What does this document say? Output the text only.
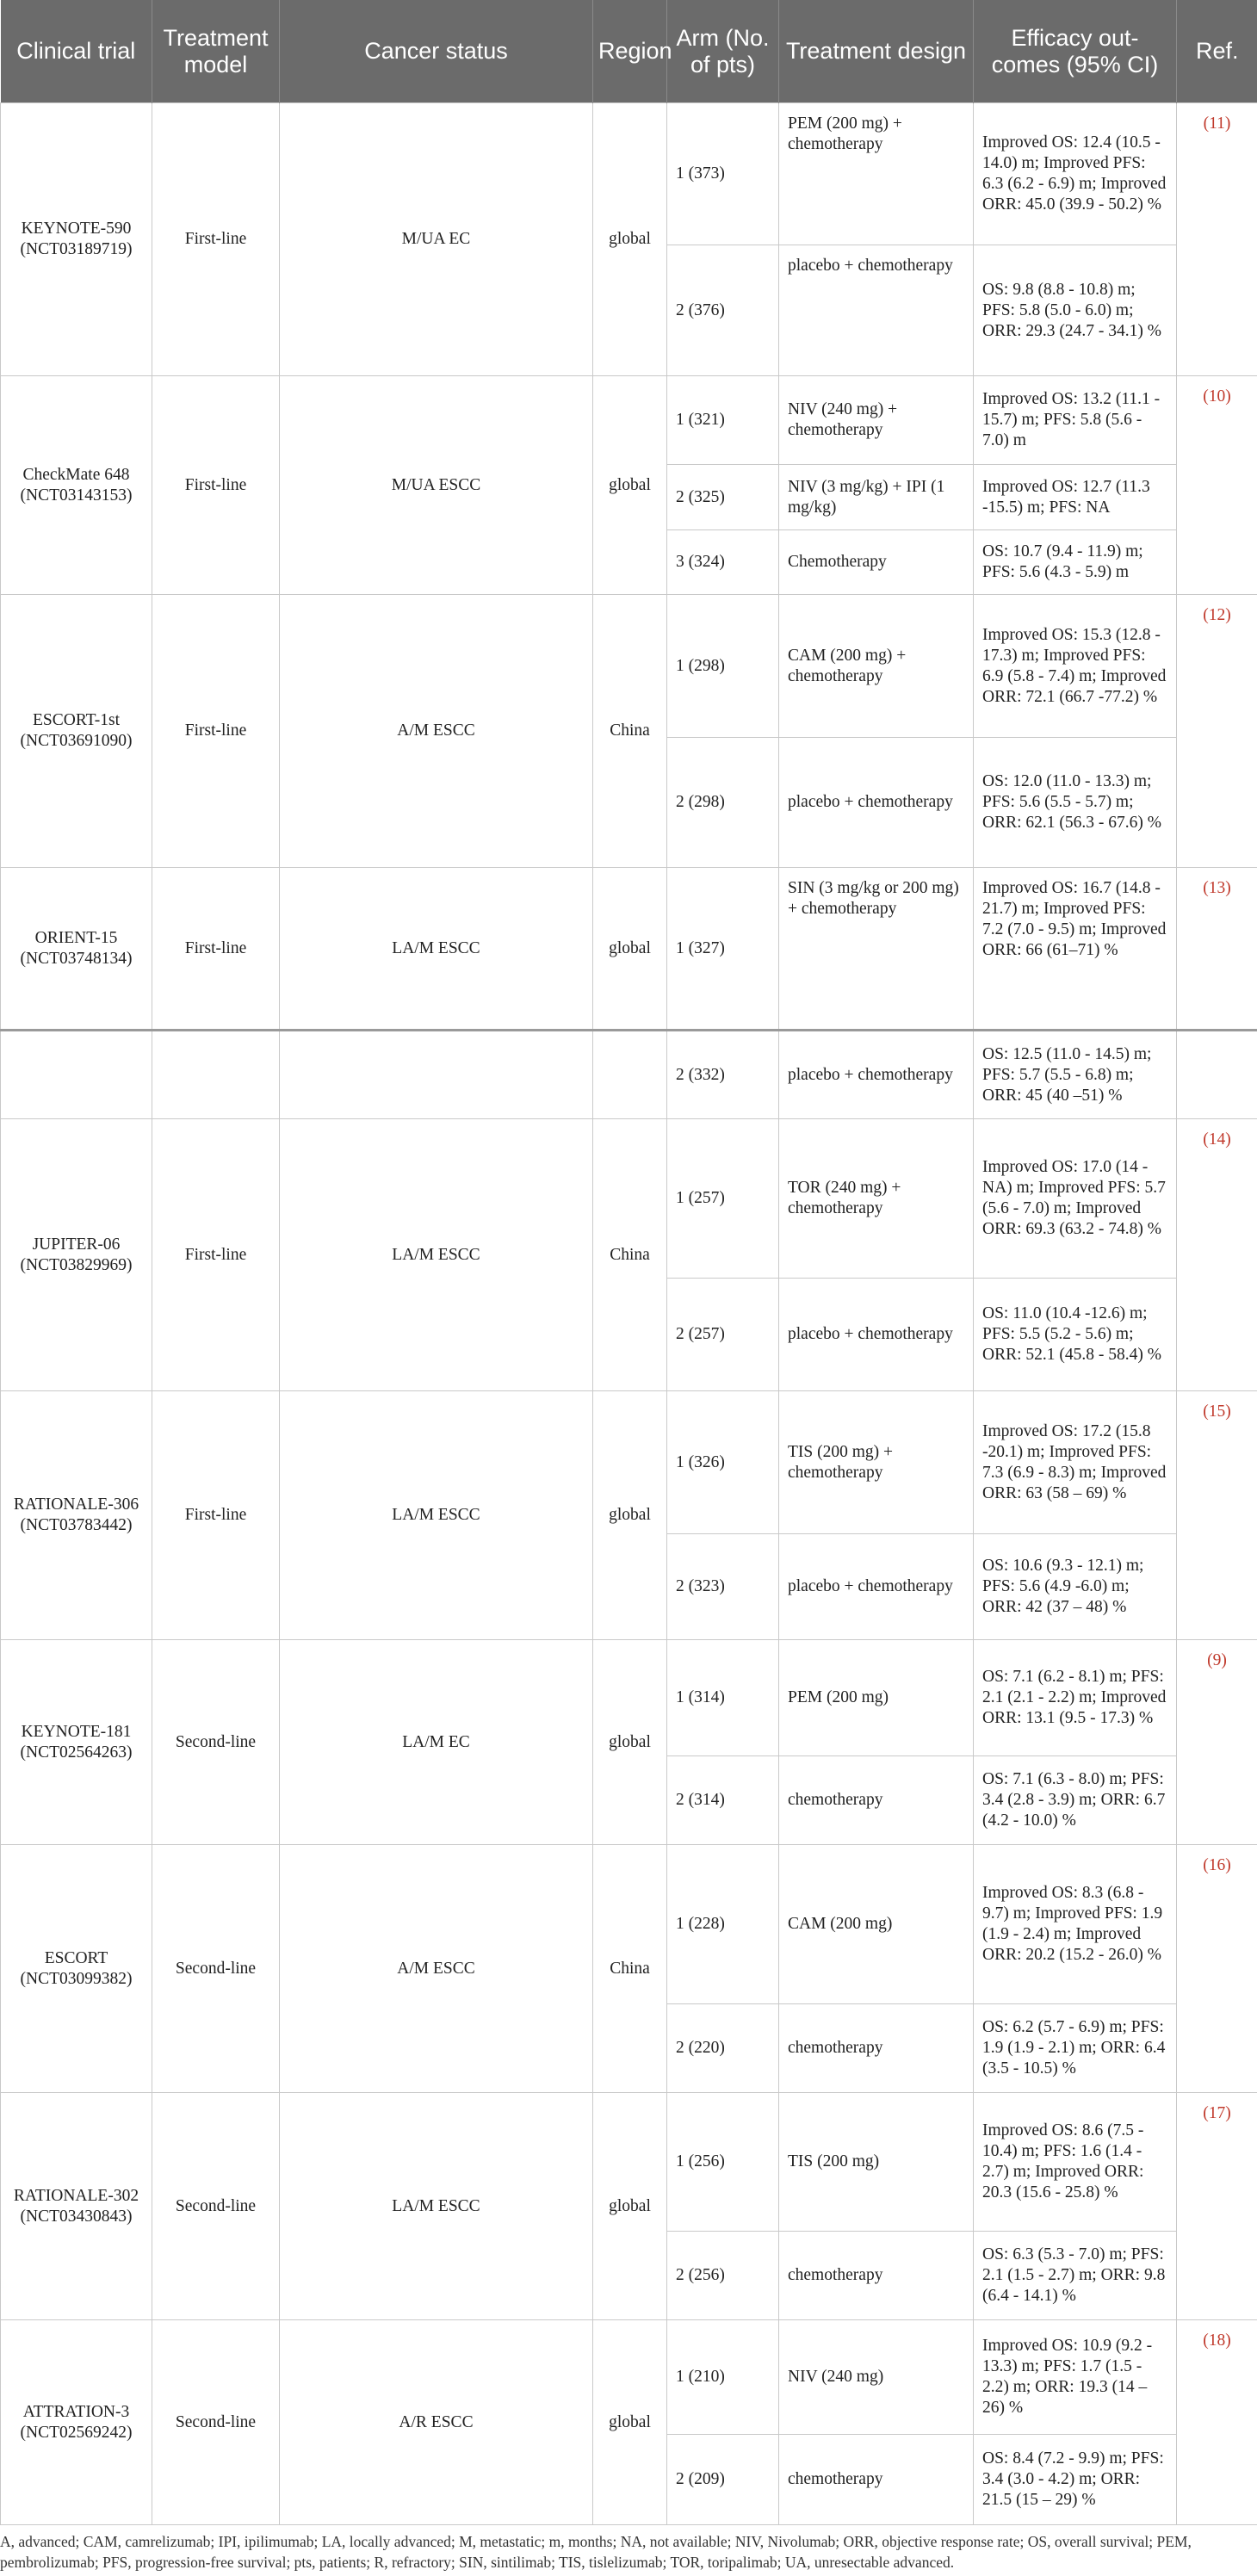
Clinical trial	Treatment model	Cancer status	Region	Arm (No. of pts)	Treatment design	Efficacy out-comes (95% CI)	Ref.
KEYNOTE-590 (NCT03189719)	First-line	M/UA EC	global	1 (373)	PEM (200 mg) + chemotherapy	Improved OS: 12.4 (10.5 - 14.0) m; Improved PFS: 6.3 (6.2 - 6.9) m; Improved ORR: 45.0 (39.9 - 50.2) %	(11)
				2 (376)	placebo + chemotherapy	OS: 9.8 (8.8 - 10.8) m; PFS: 5.8 (5.0 - 6.0) m; ORR: 29.3 (24.7 - 34.1) %	
CheckMate 648 (NCT03143153)	First-line	M/UA ESCC	global	1 (321)	NIV (240 mg) + chemotherapy	Improved OS: 13.2 (11.1 - 15.7) m; PFS: 5.8 (5.6 - 7.0) m	(10)
				2 (325)	NIV (3 mg/kg) + IPI (1 mg/kg)	Improved OS: 12.7 (11.3 -15.5) m; PFS: NA	
				3 (324)	Chemotherapy	OS: 10.7 (9.4 - 11.9) m; PFS: 5.6 (4.3 - 5.9) m	
ESCORT-1st (NCT03691090)	First-line	A/M ESCC	China	1 (298)	CAM (200 mg) + chemotherapy	Improved OS: 15.3 (12.8 - 17.3) m; Improved PFS: 6.9 (5.8 - 7.4) m; Improved ORR: 72.1 (66.7 -77.2) %	(12)
				2 (298)	placebo + chemotherapy	OS: 12.0 (11.0 - 13.3) m; PFS: 5.6 (5.5 - 5.7) m; ORR: 62.1 (56.3 - 67.6) %	
ORIENT-15 (NCT03748134)	First-line	LA/M ESCC	global	1 (327)	SIN (3 mg/kg or 200 mg) + chemotherapy	Improved OS: 16.7 (14.8 - 21.7) m; Improved PFS: 7.2 (7.0 - 9.5) m; Improved ORR: 66 (61–71) %	(13)
				2 (332)	placebo + chemotherapy	OS: 12.5 (11.0 - 14.5) m; PFS: 5.7 (5.5 - 6.8) m; ORR: 45 (40 –51) %	
JUPITER-06 (NCT03829969)	First-line	LA/M ESCC	China	1 (257)	TOR (240 mg) + chemotherapy	Improved OS: 17.0 (14 - NA) m; Improved PFS: 5.7 (5.6 - 7.0) m; Improved ORR: 69.3 (63.2 - 74.8) %	(14)
				2 (257)	placebo + chemotherapy	OS: 11.0 (10.4 -12.6) m; PFS: 5.5 (5.2 - 5.6) m; ORR: 52.1 (45.8 - 58.4) %	
RATIONALE-306 (NCT03783442)	First-line	LA/M ESCC	global	1 (326)	TIS (200 mg) + chemotherapy	Improved OS: 17.2 (15.8 -20.1) m; Improved PFS: 7.3 (6.9 - 8.3) m; Improved ORR: 63 (58 – 69) %	(15)
				2 (323)	placebo + chemotherapy	OS: 10.6 (9.3 - 12.1) m; PFS: 5.6 (4.9 -6.0) m; ORR: 42 (37 – 48) %	
KEYNOTE-181 (NCT02564263)	Second-line	LA/M EC	global	1 (314)	PEM (200 mg)	OS: 7.1 (6.2 - 8.1) m; PFS: 2.1 (2.1 - 2.2) m; Improved ORR: 13.1 (9.5 - 17.3) %	(9)
				2 (314)	chemotherapy	OS: 7.1 (6.3 - 8.0) m; PFS: 3.4 (2.8 - 3.9) m; ORR: 6.7 (4.2 - 10.0) %	
ESCORT (NCT03099382)	Second-line	A/M ESCC	China	1 (228)	CAM (200 mg)	Improved OS: 8.3 (6.8 - 9.7) m; Improved PFS: 1.9 (1.9 - 2.4) m; Improved ORR: 20.2 (15.2 - 26.0) %	(16)
				2 (220)	chemotherapy	OS: 6.2 (5.7 - 6.9) m; PFS: 1.9 (1.9 - 2.1) m; ORR: 6.4 (3.5 - 10.5) %	
RATIONALE-302 (NCT03430843)	Second-line	LA/M ESCC	global	1 (256)	TIS (200 mg)	Improved OS: 8.6 (7.5 - 10.4) m; PFS: 1.6 (1.4 - 2.7) m; Improved ORR: 20.3 (15.6 - 25.8) %	(17)
				2 (256)	chemotherapy	OS: 6.3 (5.3 - 7.0) m; PFS: 2.1 (1.5 - 2.7) m; ORR: 9.8 (6.4 - 14.1) %	
ATTRATION-3 (NCT02569242)	Second-line	A/R ESCC	global	1 (210)	NIV (240 mg)	Improved OS: 10.9 (9.2 - 13.3) m; PFS: 1.7 (1.5 - 2.2) m; ORR: 19.3 (14 – 26) %	(18)
				2 (209)	chemotherapy	OS: 8.4 (7.2 - 9.9) m; PFS: 3.4 (3.0 - 4.2) m; ORR: 21.5 (15 – 29) %	
A, advanced; CAM, camrelizumab; IPI, ipilimumab; LA, locally advanced; M, metastatic; m, months; NA, not available; NIV, Nivolumab; ORR, objective response rate; OS, overall survival; PEM, pembrolizumab; PFS, progression-free survival; pts, patients; R, refractory; SIN, sintilimab; TIS, tislelizumab; TOR, toripalimab; UA, unresectable advanced.
